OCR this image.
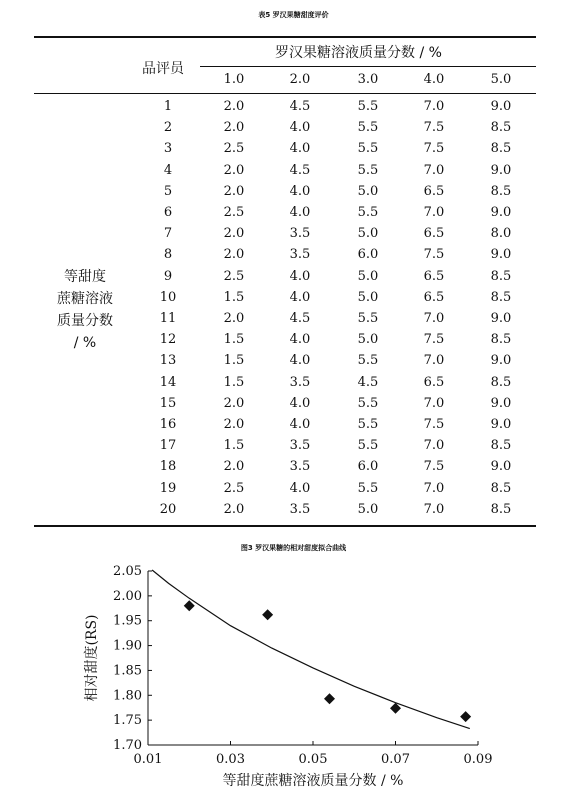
表5 罗汉果糖甜度评价
品评员
罗汉果糖溶液质量分数 / %
1.0	2.0	3.0	4.0	5.0
等甜度
蔗糖溶液
质量分数
/ %
1	2.0	4.5	5.5	7.0	9.0
2	2.0	4.0	5.5	7.5	8.5
3	2.5	4.0	5.5	7.5	8.5
4	2.0	4.5	5.5	7.0	9.0
5	2.0	4.0	5.0	6.5	8.5
6	2.5	4.0	5.5	7.0	9.0
7	2.0	3.5	5.0	6.5	8.0
8	2.0	3.5	6.0	7.5	9.0
9	2.5	4.0	5.0	6.5	8.5
10	1.5	4.0	5.0	6.5	8.5
11	2.0	4.5	5.5	7.0	9.0
12	1.5	4.0	5.0	7.5	8.5
13	1.5	4.0	5.5	7.0	9.0
14	1.5	3.5	4.5	6.5	8.5
15	2.0	4.0	5.5	7.0	9.0
16	2.0	4.0	5.5	7.5	9.0
17	1.5	3.5	5.5	7.0	8.5
18	2.0	3.5	6.0	7.5	9.0
19	2.5	4.0	5.5	7.0	8.5
20	2.0	3.5	5.0	7.0	8.5
图3 罗汉果糖的相对甜度拟合曲线
1.70
1.75
1.80
1.85
1.90
1.95
2.00
2.05
0.01	0.03	0.05	0.07	0.09
等甜度蔗糖溶液质量分数 / %
相对甜度(RS)
